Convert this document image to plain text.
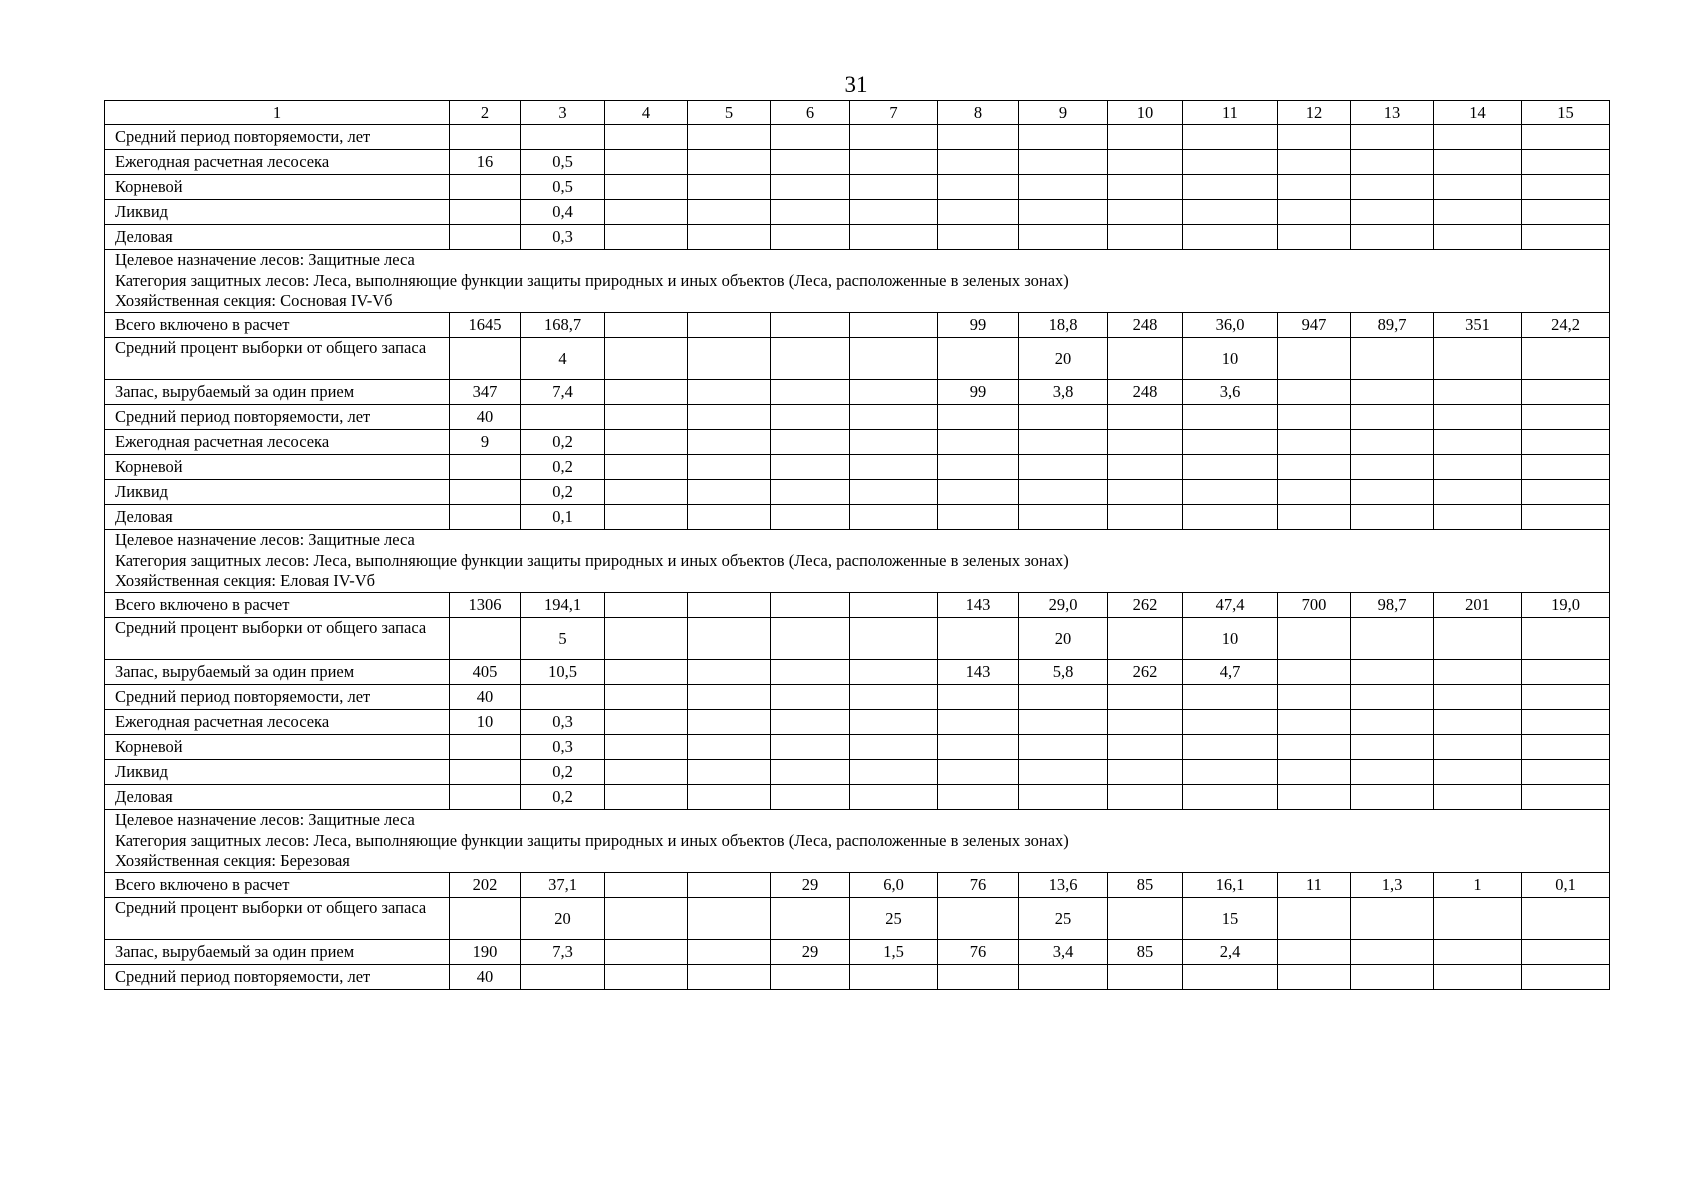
31
1	2	3	4	5	6	7	8	9	10	11	12	13	14	15
Средний период повторяемости, лет														
Ежегодная расчетная лесосека	16	0,5												
Корневой		0,5												
Ликвид		0,4												
Деловая		0,3												

Целевое назначение лесов: Защитные леса
Категория защитных лесов: Леса, выполняющие функции защиты природных и иных объектов (Леса, расположенные в зеленых зонах)
Хозяйственная секция: Сосновая IV-Vб														

Всего включено в расчет	1645	168,7					99	18,8	248	36,0	947	89,7	351	24,2
Средний процент выборки от общего запаса		4						20		10				
Запас, вырубаемый за один прием	347	7,4					99	3,8	248	3,6				
Средний период повторяемости, лет	40													
Ежегодная расчетная лесосека	9	0,2												
Корневой		0,2												
Ликвид		0,2												
Деловая		0,1												

Целевое назначение лесов: Защитные леса
Категория защитных лесов: Леса, выполняющие функции защиты природных и иных объектов (Леса, расположенные в зеленых зонах)
Хозяйственная секция: Еловая IV-Vб														

Всего включено в расчет	1306	194,1					143	29,0	262	47,4	700	98,7	201	19,0
Средний процент выборки от общего запаса		5						20		10				
Запас, вырубаемый за один прием	405	10,5					143	5,8	262	4,7				
Средний период повторяемости, лет	40													
Ежегодная расчетная лесосека	10	0,3												
Корневой		0,3												
Ликвид		0,2												
Деловая		0,2												

Целевое назначение лесов: Защитные леса
Категория защитных лесов: Леса, выполняющие функции защиты природных и иных объектов (Леса, расположенные в зеленых зонах)
Хозяйственная секция: Березовая														

Всего включено в расчет	202	37,1			29	6,0	76	13,6	85	16,1	11	1,3	1	0,1
Средний процент выборки от общего запаса		20				25		25		15				
Запас, вырубаемый за один прием	190	7,3			29	1,5	76	3,4	85	2,4				
Средний период повторяемости, лет	40													
